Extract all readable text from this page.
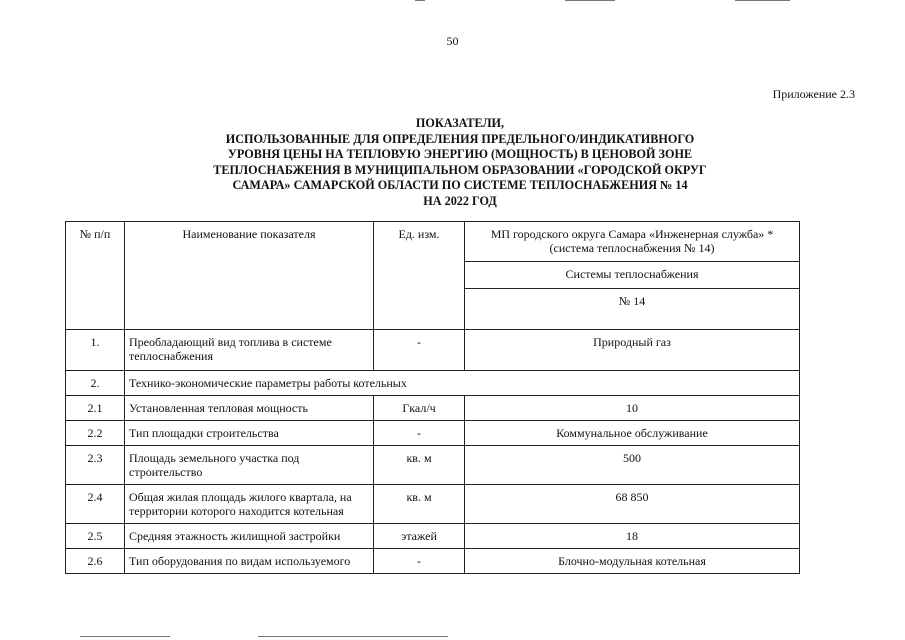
50
Приложение 2.3
ПОКАЗАТЕЛИ,
ИСПОЛЬЗОВАННЫЕ ДЛЯ ОПРЕДЕЛЕНИЯ ПРЕДЕЛЬНОГО/ИНДИКАТИВНОГО
УРОВНЯ ЦЕНЫ НА ТЕПЛОВУЮ ЭНЕРГИЮ (МОЩНОСТЬ) В ЦЕНОВОЙ ЗОНЕ
ТЕПЛОСНАБЖЕНИЯ В МУНИЦИПАЛЬНОМ ОБРАЗОВАНИИ «ГОРОДСКОЙ ОКРУГ
САМАРА» САМАРСКОЙ ОБЛАСТИ ПО СИСТЕМЕ ТЕПЛОСНАБЖЕНИЯ № 14
НА 2022 ГОД
№ п/п	Наименование показателя	Ед. изм.	МП городского округа Самара «Инженерная служба» * (система теплоснабжения № 14)
			Системы теплоснабжения
			№ 14
1.	Преобладающий вид топлива в системе теплоснабжения	-	Природный газ
2.	Технико-экономические параметры работы котельных		
2.1	Установленная тепловая мощность	Гкал/ч	10
2.2	Тип площадки строительства	-	Коммунальное обслуживание
2.3	Площадь земельного участка под строительство	кв. м	500
2.4	Общая жилая площадь жилого квартала, на территории которого находится котельная	кв. м	68 850
2.5	Средняя этажность жилищной застройки	этажей	18
2.6	Тип оборудования по видам используемого	-	Блочно-модульная котельная
